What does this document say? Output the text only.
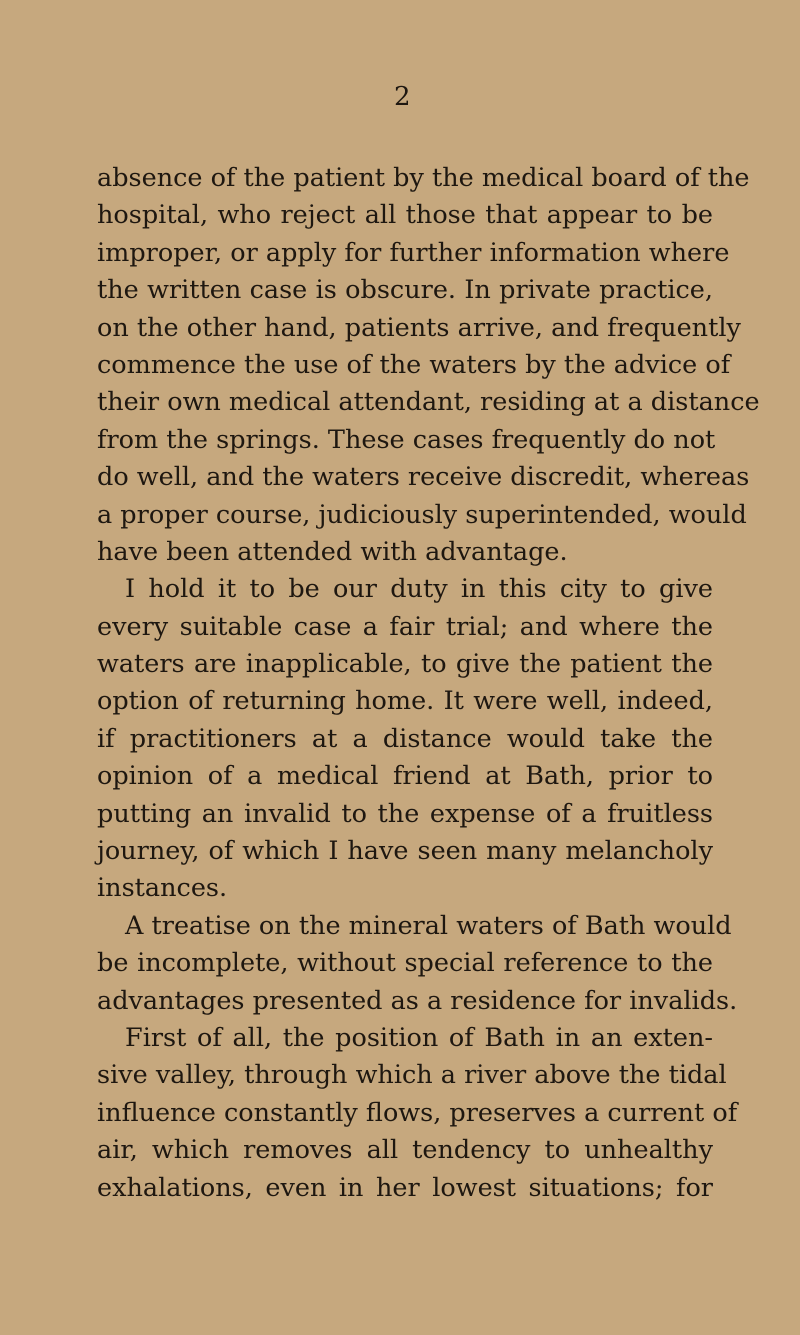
2
absence of the patient by the medical board of the
hospital, who reject all those that appear to be
improper, or apply for further information where
the written case is obscure. In private practice,
on the other hand, patients arrive, and frequently
commence the use of the waters by the advice of
their own medical attendant, residing at a distance
from the springs. These cases frequently do not
do well, and the waters receive discredit, whereas
a proper course, judiciously superintended, would
have been attended with advantage.
I hold it to be our duty in this city to give
every suitable case a fair trial; and where the
waters are inapplicable, to give the patient the
option of returning home. It were well, indeed,
if practitioners at a distance would take the
opinion of a medical friend at Bath, prior to
putting an invalid to the expense of a fruitless
journey, of which I have seen many melancholy
instances.
A treatise on the mineral waters of Bath would
be incomplete, without special reference to the
advantages presented as a residence for invalids.
First of all, the position of Bath in an exten-
sive valley, through which a river above the tidal
influence constantly flows, preserves a current of
air, which removes all tendency to unhealthy
exhalations, even in her lowest situations; for
